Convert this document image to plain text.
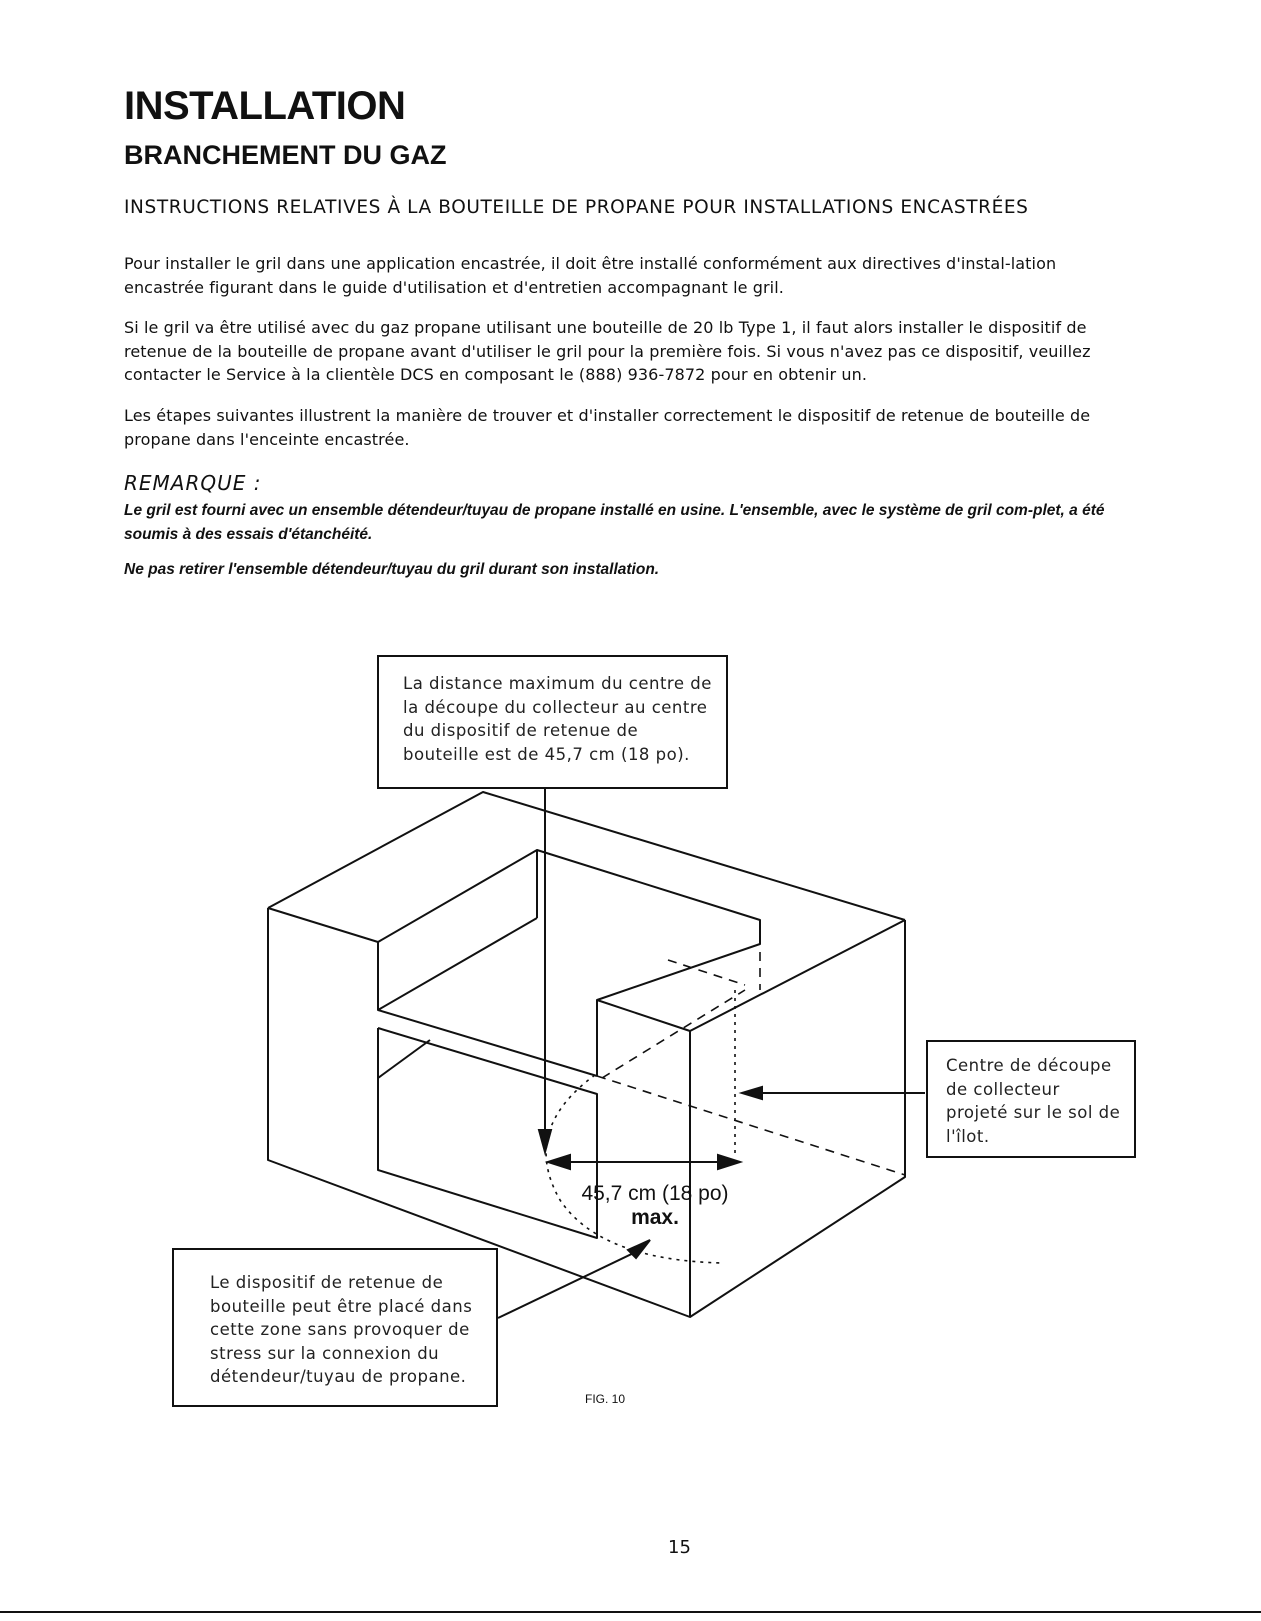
INSTALLATION
BRANCHEMENT DU GAZ
INSTRUCTIONS RELATIVES À LA BOUTEILLE DE PROPANE POUR INSTALLATIONS ENCASTRÉES

Pour installer le gril dans une application encastrée, il doit être installé conformément aux directives d'instal-lation encastrée figurant dans le guide d'utilisation et d'entretien accompagnant le gril.

Si le gril va être utilisé avec du gaz propane utilisant une bouteille de 20 lb Type 1, il faut alors installer le dispositif de retenue de la bouteille de propane avant d'utiliser le gril pour la première fois. Si vous n'avez pas ce dispositif, veuillez contacter le Service à la clientèle DCS en composant le (888) 936-7872 pour en obtenir un.

Les étapes suivantes illustrent la manière de trouver et d'installer correctement le dispositif de retenue de bouteille de propane dans l'enceinte encastrée.

REMARQUE :

Le gril est fourni avec un ensemble détendeur/tuyau de propane installé en usine. L'ensemble, avec le système de gril com-plet, a été soumis à des essais d'étanchéité.

Ne pas retirer l'ensemble détendeur/tuyau du gril durant son installation.

La distance maximum du centre de
la découpe du collecteur au centre
du dispositif de retenue de
bouteille est de 45,7 cm (18 po).
Centre de découpe
de collecteur
projeté sur le sol de
l'îlot.
Le dispositif de retenue de
bouteille peut être placé dans
cette zone sans provoquer de
stress sur la connexion du
détendeur/tuyau de propane.
45,7 cm (18 po)
max.
FIG. 10
15
